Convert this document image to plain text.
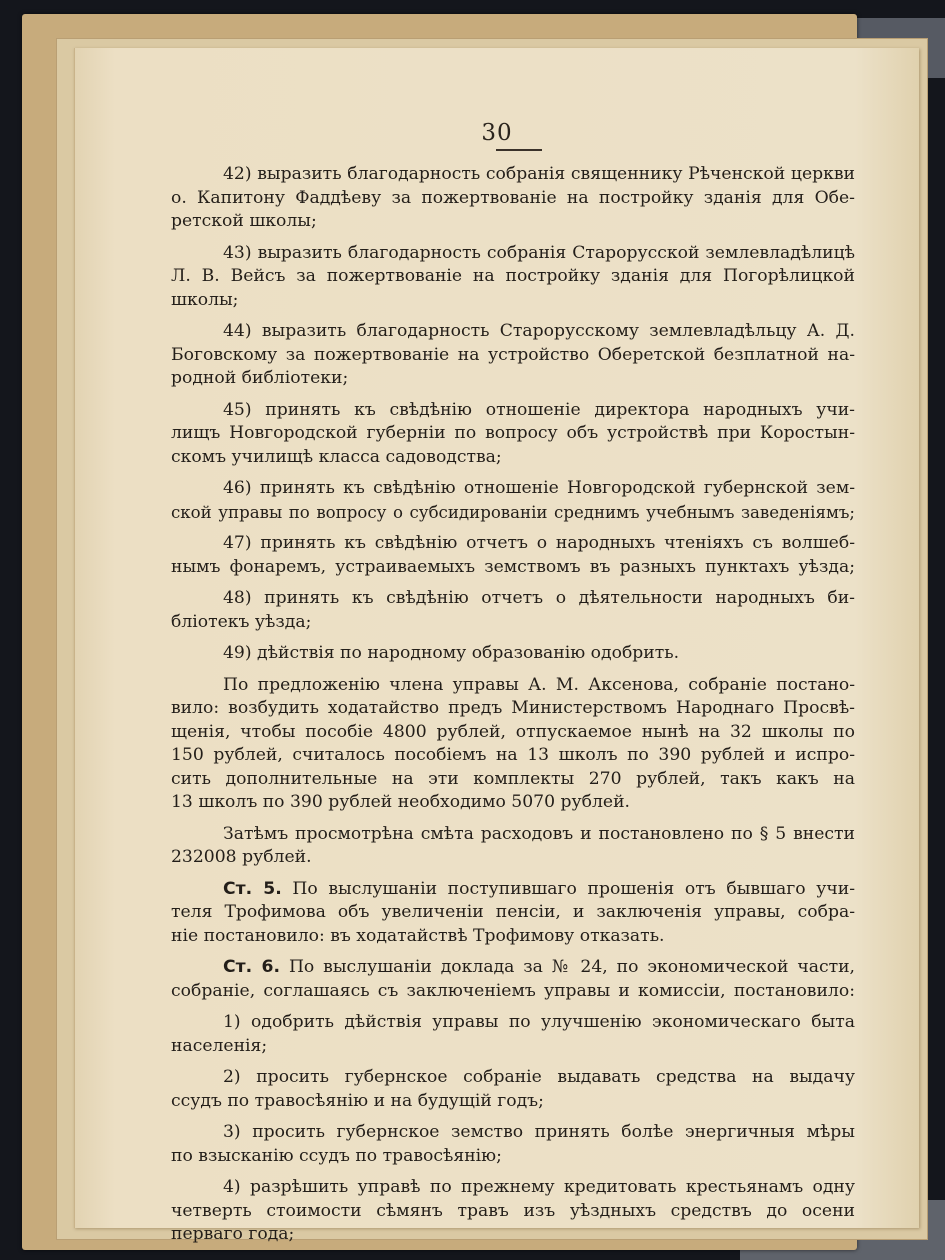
30
42) выразить благодарность собранія священнику Рѣченской церкви
о. Капитону Фаддѣеву за пожертвованіе на постройку зданія для Обе-
ретской школы;
43) выразить благодарность собранія Старорусской землевладѣлицѣ
Л. В. Вейсъ за пожертвованіе на постройку зданія для Погорѣлицкой
школы;
44) выразить благодарность Старорусскому землевладѣльцу А. Д.
Боговскому за пожертвованіе на устройство Оберетской безплатной на-
родной библіотеки;
45) принять къ свѣдѣнію отношеніе директора народныхъ учи-
лищъ Новгородской губерніи по вопросу объ устройствѣ при Коростын-
скомъ училищѣ класса садоводства;
46) принять къ свѣдѣнію отношеніе Новгородской губернской зем-
ской управы по вопросу о субсидированіи среднимъ учебнымъ заведеніямъ;
47) принять къ свѣдѣнію отчетъ о народныхъ чтеніяхъ съ волшеб-
нымъ фонаремъ, устраиваемыхъ земствомъ въ разныхъ пунктахъ уѣзда;
48) принять къ свѣдѣнію отчетъ о дѣятельности народныхъ би-
бліотекъ уѣзда;
49) дѣйствія по народному образованію одобрить.
По предложенію члена управы А. М. Аксенова, собраніе постано-
вило: возбудить ходатайство предъ Министерствомъ Народнаго Просвѣ-
щенія, чтобы пособіе 4800 рублей, отпускаемое нынѣ на 32 школы по
150 рублей, считалось пособіемъ на 13 школъ по 390 рублей и испро-
сить дополнительные на эти комплекты 270 рублей, такъ какъ на
13 школъ по 390 рублей необходимо 5070 рублей.
Затѣмъ просмотрѣна смѣта расходовъ и постановлено по § 5 внести
232008 рублей.
Ст. 5. По выслушаніи поступившаго прошенія отъ бывшаго учи-
теля Трофимова объ увеличеніи пенсіи, и заключенія управы, собра-
ніе постановило: въ ходатайствѣ Трофимову отказать.
Ст. 6. По выслушаніи доклада за № 24, по экономической части,
собраніе, соглашаясь съ заключеніемъ управы и комиссіи, постановило:
1) одобрить дѣйствія управы по улучшенію экономическаго быта
населенія;
2) просить губернское собраніе выдавать средства на выдачу
ссудъ по травосѣянію и на будущій годъ;
3) просить губернское земство принять болѣе энергичныя мѣры
по взысканію ссудъ по травосѣянію;
4) разрѣшить управѣ по прежнему кредитовать крестьянамъ одну
четверть стоимости сѣмянъ травъ изъ уѣздныхъ средствъ до осени
перваго года;
